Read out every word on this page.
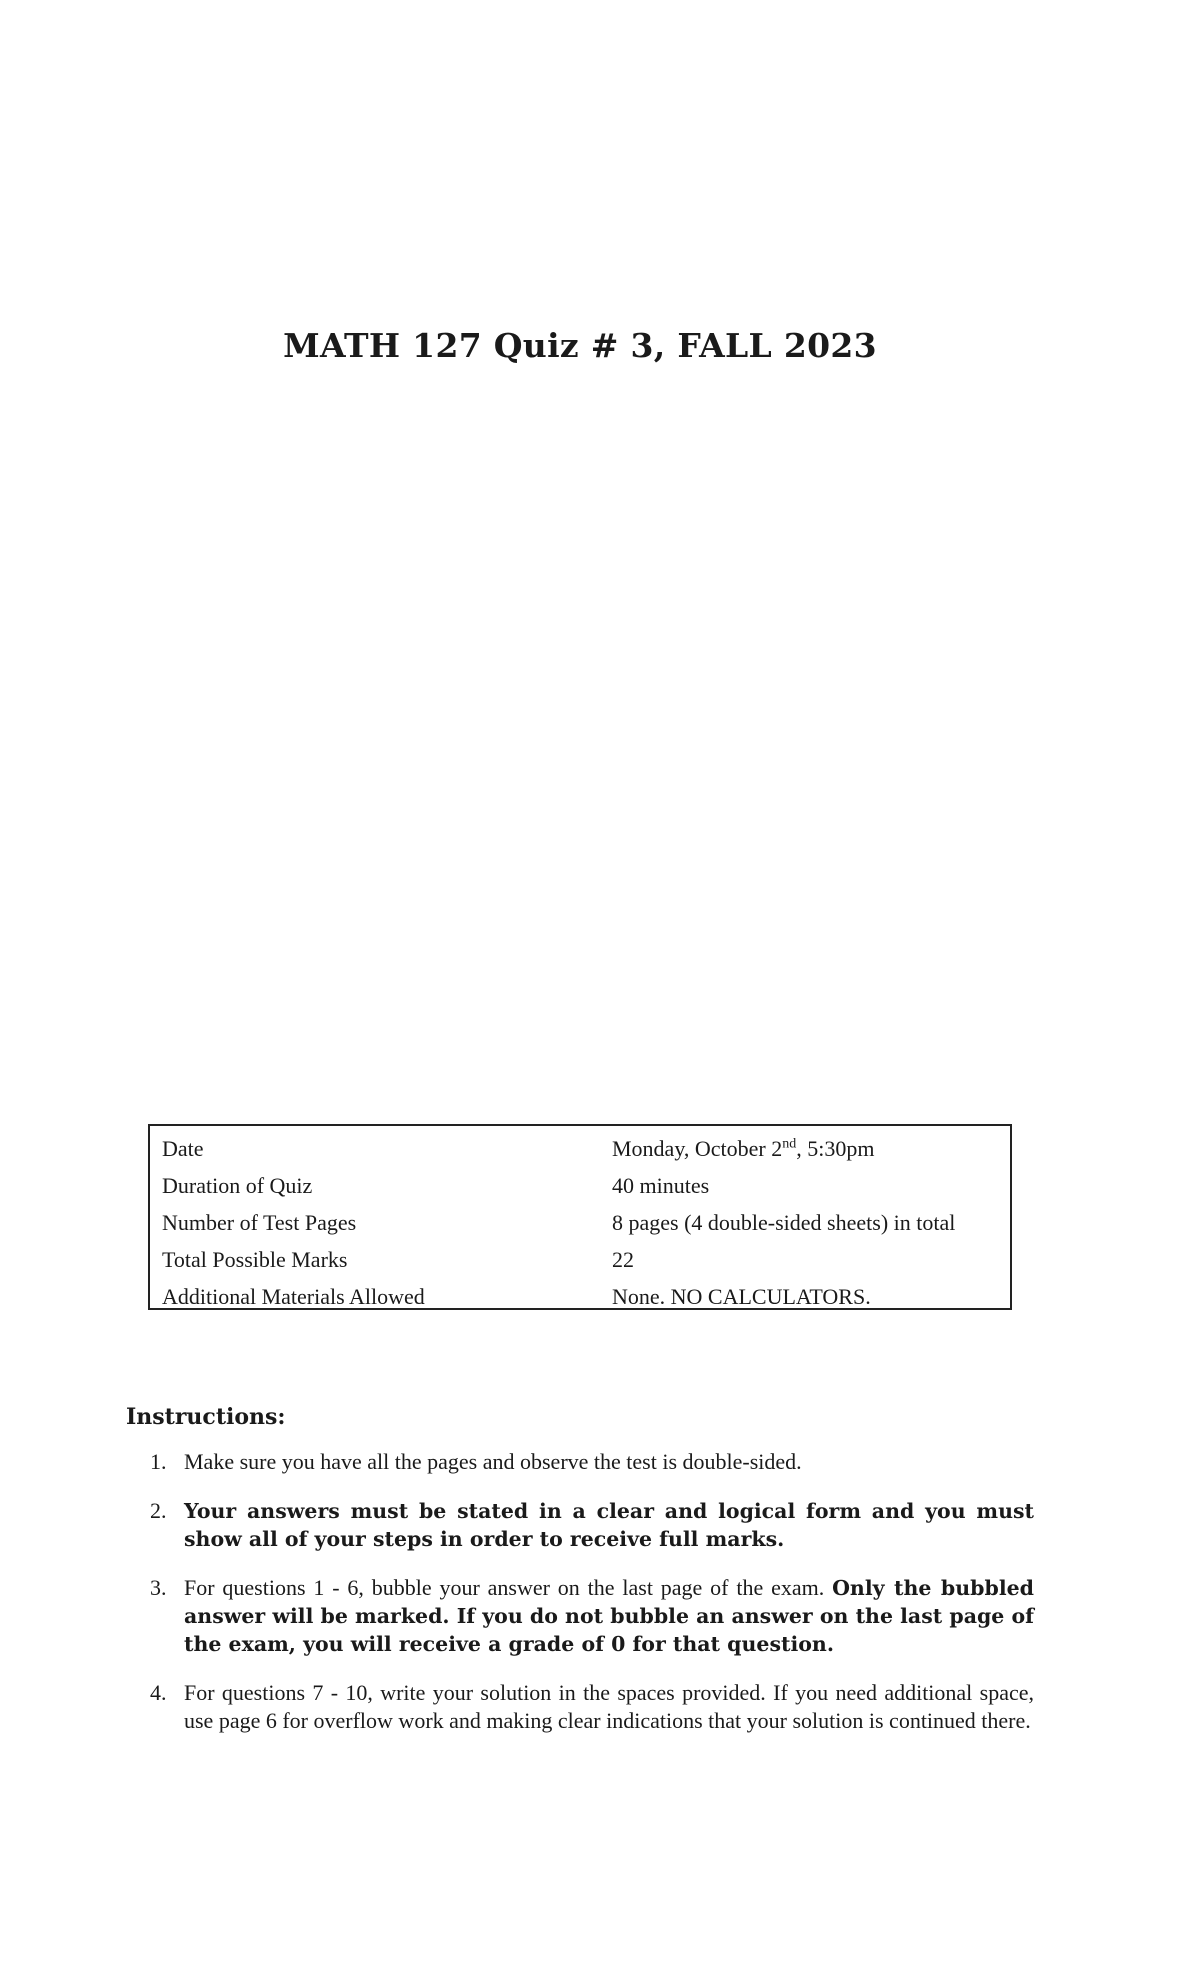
MATH 127 Quiz # 3, FALL 2023
Date	Monday, October 2nd, 5:30pm
Duration of Quiz	40 minutes
Number of Test Pages	8 pages (4 double-sided sheets) in total
Total Possible Marks	22
Additional Materials Allowed	None. NO CALCULATORS.
Instructions:
1. Make sure you have all the pages and observe the test is double-sided.
2. Your answers must be stated in a clear and logical form and you must show all of your steps in order to receive full marks.
3. For questions 1 - 6, bubble your answer on the last page of the exam. Only the bubbled answer will be marked. If you do not bubble an answer on the last page of the exam, you will receive a grade of 0 for that question.
4. For questions 7 - 10, write your solution in the spaces provided. If you need additional space, use page 6 for overflow work and making clear indications that your solution is continued there.
